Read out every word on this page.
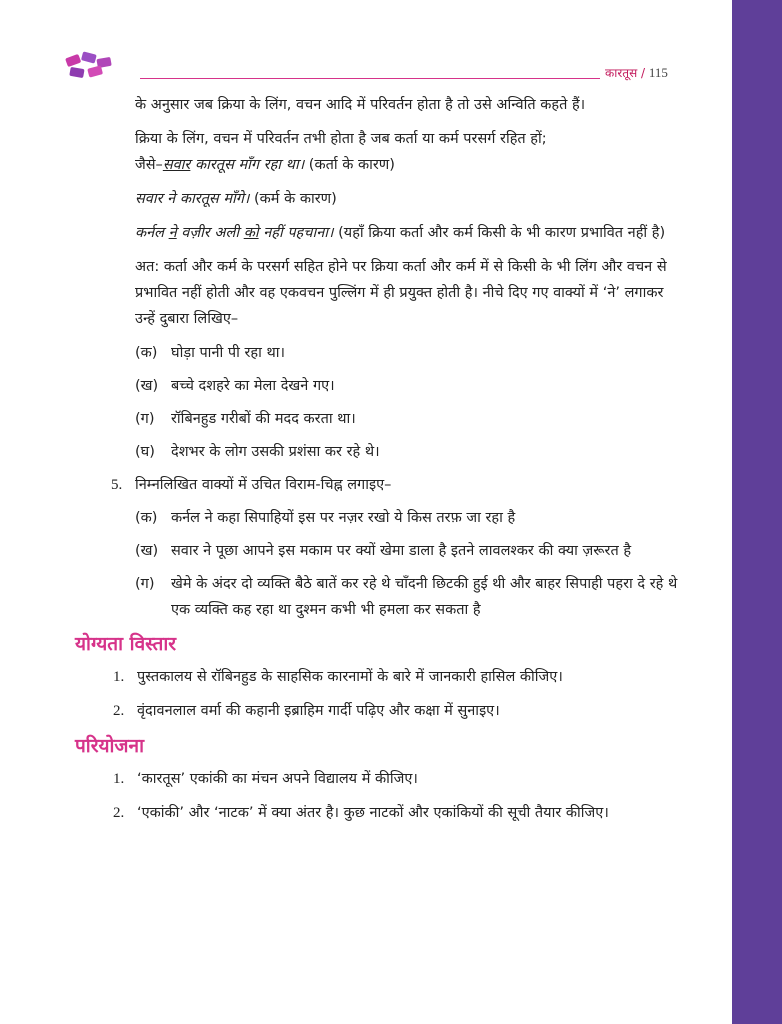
कारतूस / 115

के अनुसार जब क्रिया के लिंग, वचन आदि में परिवर्तन होता है तो उसे अन्विति कहते हैं।

क्रिया के लिंग, वचन में परिवर्तन तभी होता है जब कर्ता या कर्म परसर्ग रहित हों;
जैसे–सवार कारतूस माँग रहा था। (कर्ता के कारण)

सवार ने कारतूस माँगे। (कर्म के कारण)

कर्नल ने वज़ीर अली को नहीं पहचाना। (यहाँ क्रिया कर्ता और कर्म किसी के भी कारण प्रभावित नहीं है)

अत: कर्ता और कर्म के परसर्ग सहित होने पर क्रिया कर्ता और कर्म में से किसी के भी लिंग और वचन से प्रभावित नहीं होती और वह एकवचन पुल्लिंग में ही प्रयुक्त होती है। नीचे दिए गए वाक्यों में ‘ने’ लगाकर उन्हें दुबारा लिखिए–

(क) घोड़ा पानी पी रहा था।
(ख) बच्चे दशहरे का मेला देखने गए।
(ग)	रॉबिनहुड गरीबों की मदद करता था।
(घ)	देशभर के लोग उसकी प्रशंसा कर रहे थे।
5. निम्नलिखित वाक्यों में उचित विराम-चिह्न लगाइए–
(क) कर्नल ने कहा सिपाहियों इस पर नज़र रखो ये किस तरफ़ जा रहा है
(ख) सवार ने पूछा आपने इस मकाम पर क्यों खेमा डाला है इतने लावलश्कर की क्या ज़रूरत है
(ग)	खेमे के अंदर दो व्यक्ति बैठे बातें कर रहे थे चाँदनी छिटकी हुई थी और बाहर सिपाही पहरा दे रहे थे एक व्यक्ति कह रहा था दुश्मन कभी भी हमला कर सकता है
योग्यता विस्तार
1. पुस्तकालय से रॉबिनहुड के साहसिक कारनामों के बारे में जानकारी हासिल कीजिए।
2. वृंदावनलाल वर्मा की कहानी इब्राहिम गार्दी पढ़िए और कक्षा में सुनाइए।
परियोजना
1. ‘कारतूस’ एकांकी का मंचन अपने विद्यालय में कीजिए।
2. ‘एकांकी’ और ‘नाटक’ में क्या अंतर है। कुछ नाटकों और एकांकियों की सूची तैयार कीजिए।
